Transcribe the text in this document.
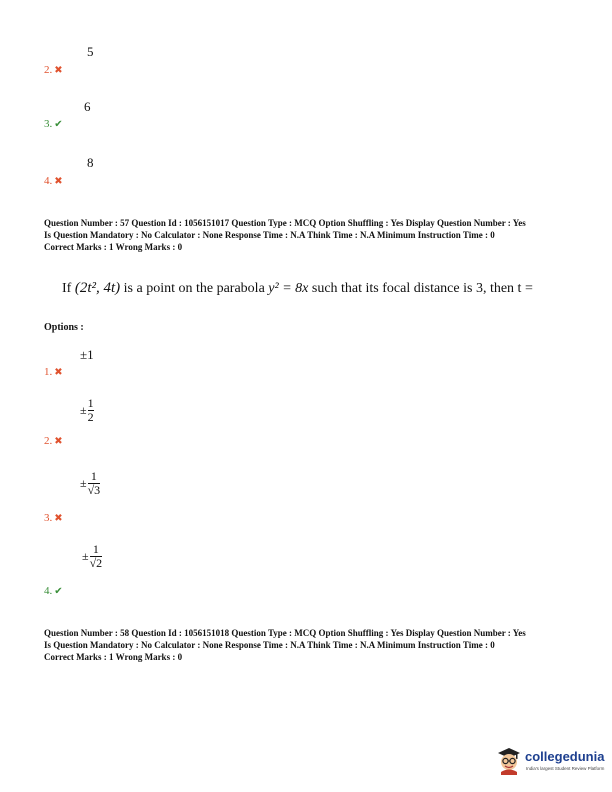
5
2. ✖
6
3. ✔
8
4. ✖
Question Number : 57 Question Id : 1056151017 Question Type : MCQ Option Shuffling : Yes Display Question Number : Yes
Is Question Mandatory : No Calculator : None Response Time : N.A Think Time : N.A Minimum Instruction Time : 0
Correct Marks : 1 Wrong Marks : 0
If (2t², 4t) is a point on the parabola y² = 8x such that its focal distance is 3, then t =
Options :
±1
1. ✖
± $\frac{1}{2}$
2. ✖
± $\frac{1}{√3}$
3. ✖
± $\frac{1}{√2}$
4. ✔
Question Number : 58 Question Id : 1056151018 Question Type : MCQ Option Shuffling : Yes Display Question Number : Yes
Is Question Mandatory : No Calculator : None Response Time : N.A Think Time : N.A Minimum Instruction Time : 0
Correct Marks : 1 Wrong Marks : 0
collegedunia
India's largest Student Review Platform
